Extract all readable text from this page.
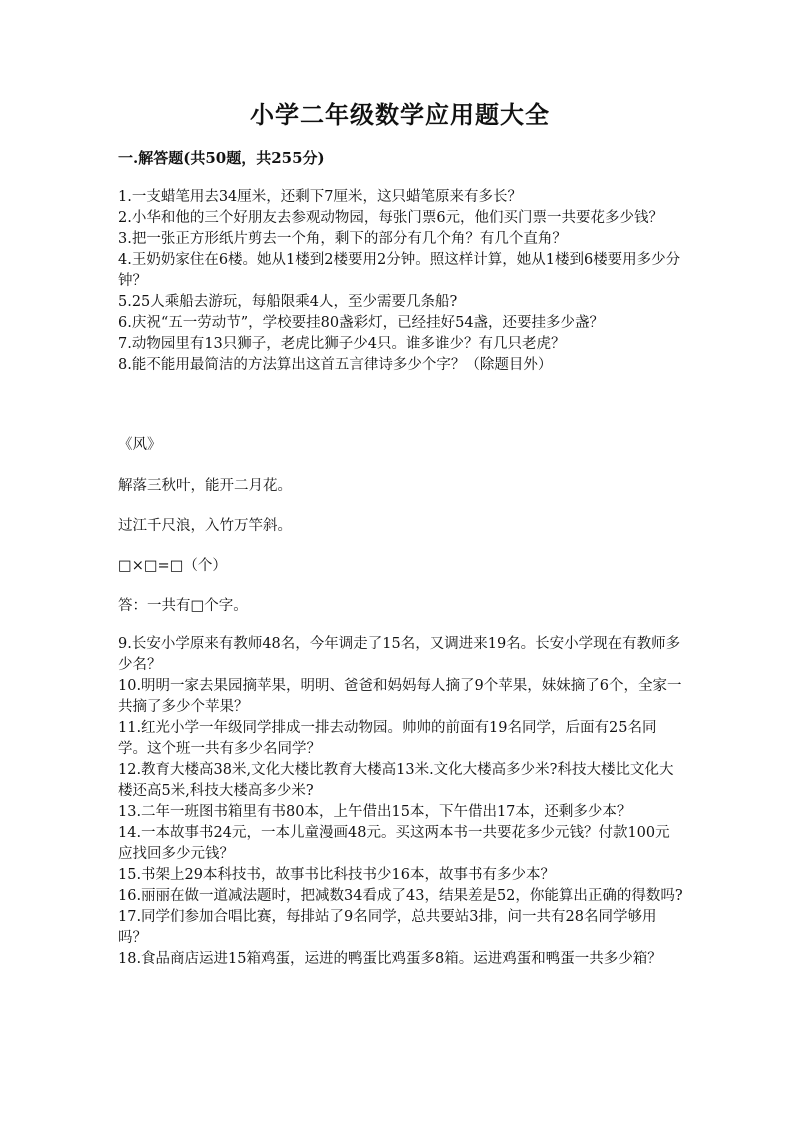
小学二年级数学应用题大全
一.解答题(共50题，共255分)

1.一支蜡笔用去34厘米，还剩下7厘米，这只蜡笔原来有多长？

2.小华和他的三个好朋友去参观动物园，每张门票6元，他们买门票一共要花多少钱？

3.把一张正方形纸片剪去一个角，剩下的部分有几个角？有几个直角？

4.王奶奶家住在6楼。她从1楼到2楼要用2分钟。照这样计算，她从1楼到6楼要用多少分钟？

5.25人乘船去游玩，每船限乘4人，至少需要几条船?

6.庆祝“五一劳动节”，学校要挂80盏彩灯，已经挂好54盏，还要挂多少盏？

7.动物园里有13只狮子，老虎比狮子少4只。谁多谁少？有几只老虎？

8.能不能用最简洁的方法算出这首五言律诗多少个字？（除题目外）

《风》
解落三秋叶，能开二月花。
过江千尺浪，入竹万竿斜。
□×□=□（个）
答：一共有□个字。

9.长安小学原来有教师48名，今年调走了15名，又调进来19名。长安小学现在有教师多少名？

10.明明一家去果园摘苹果，明明、爸爸和妈妈每人摘了9个苹果，妹妹摘了6个，全家一共摘了多少个苹果？

11.红光小学一年级同学排成一排去动物园。帅帅的前面有19名同学，后面有25名同学。这个班一共有多少名同学？

12.教育大楼高38米,文化大楼比教育大楼高13米.文化大楼高多少米?科技大楼比文化大楼还高5米,科技大楼高多少米?

13.二年一班图书箱里有书80本，上午借出15本，下午借出17本，还剩多少本？

14.一本故事书24元，一本儿童漫画48元。买这两本书一共要花多少元钱？付款100元应找回多少元钱？

15.书架上29本科技书，故事书比科技书少16本，故事书有多少本？

16.丽丽在做一道减法题时，把减数34看成了43，结果差是52，你能算出正确的得数吗?

17.同学们参加合唱比赛，每排站了9名同学，总共要站3排，问一共有28名同学够用吗？

18.食品商店运进15箱鸡蛋，运进的鸭蛋比鸡蛋多8箱。运进鸡蛋和鸭蛋一共多少箱？
